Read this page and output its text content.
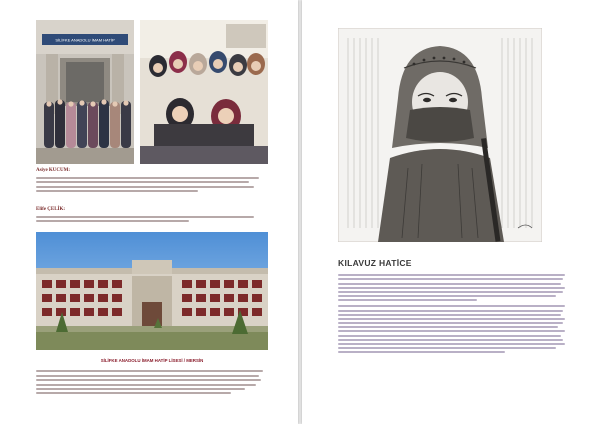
SİLİFKE ANADOLU İMAM HATİP
Asiye KUCUM:
Elife ÇELİK:
SİLİFKE ANADOLU İMAM HATİP LİSESİ / MERSİN
KILAVUZ HATİCE
